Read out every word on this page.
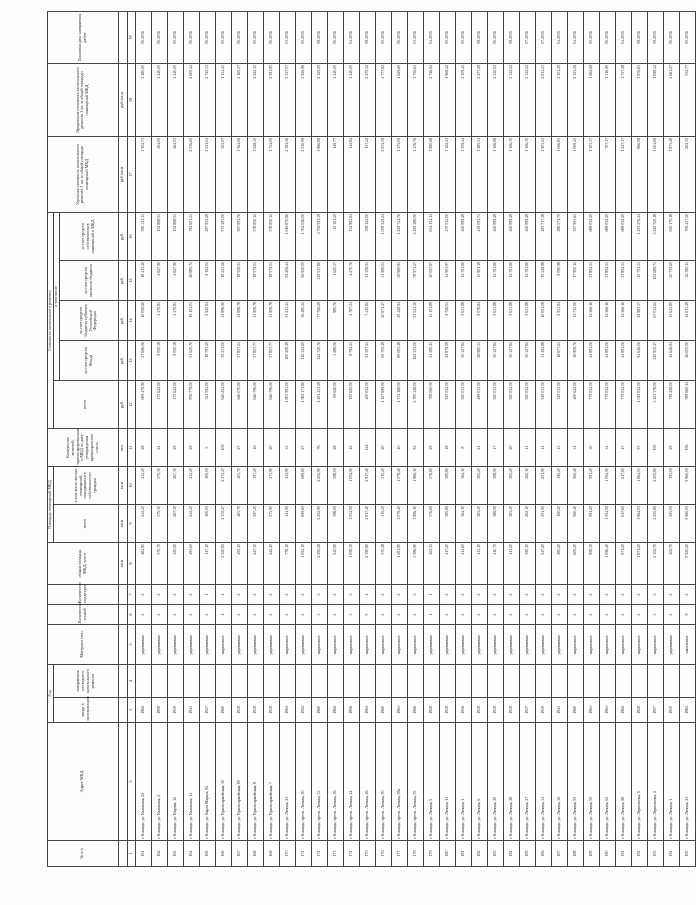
№ п/п	Адрес МКД	Год		Материал стен	Количество этажей	Количество подъездов	общая площадь МКД, всего	Площадь помещений МКД		Количество жителей, зарегистрированных в МКД на дату утверждения краткосрочного плана	Стоимость капитального ремонта					Удельная стоимость капитального ремонта 1 кв. м общей площади помещений МКД	Предельная стоимость капитального ремонта 1 кв. м общей площади помещений МКД	Плановая дата завершения работ
		ввода в эксплуатацию	завершения последнего капитального ремонта					всего	в том числе жилых помещений, находящихся в собственности граждан		всего	в том числе						
												за счет средств Фонда	за счет средств бюджета субъекта Российской Федерации	за счет средств местного бюджета	за счет средств собственников помещений в МКД			
							кв.м	кв.м	кв.м	чел.	руб.	руб.	руб.	руб.	руб.	руб./кв.м	руб./кв.м	
1	2	3	4	5	6	7	8	9	10	11	12	13	14	15	16	17	18	19
161	г. Клинцы, ул. Калинина, 22	1962		деревянные	2	2	484,90	432,20	432,20	28	659 479,90	27 696,06	10 058,60	18 415,40	583 311,13	1 502,73	2 280,00	06.2016
162	г. Клинцы, ул. Калинина, 2	1958		деревянные	2	2	370,70	375,30	375,30	24	175 622,00	9 050,38	3 375,83	4 827,90	152 868,53	454,00	1 440,00	06.2016
163	г. Клинцы, ул. Кирова, 12	1939		деревянные	2	2	325,50	267,30	267,30	25	175 622,00	9 050,38	3 375,83	4 827,90	152 868,53	464,53	1 440,00	05.2016
164	г. Клинцы, ул. Калинина, 14	1941		деревянные	2	2	493,60	432,20	432,20	29	876 779,00	51 625,70	19 154,03	26 885,72	784 601,21	2 036,60	2 600,44	06.2016
165	г. Клинцы, ул. Карла Маркса, 92	1917		деревянные	2	1	117,10	100,00	100,00	5	321 594,00	18 793,25	5 945,94	9 194,02	287 932,49	2 211,04	2 745,31	06.2016
166	г. Клинцы, ул. Красноармейская, 10	1960		кирпичные	4	4	2 520,85	2 172,47	2 172,47	109	626 294,00	35 231,00	11 896,90	18 223,26	573 493,00	302,07	1 134,43	05.2016
167	г. Клинцы, ул. Красноармейская, 85	1938		деревянные	2	2	455,10	403,70	403,70	27	646 070,00	37 857,21	11 898,78	18 558,53	587 893,76	1 564,06	2 165,37	06.2016
168	г. Клинцы, ул. Красноармейская, 8	1938		деревянные	2	2	447,30	397,20	397,20	16	646 796,00	37 857,77	11 908,78	18 579,53	578 850,12	1 628,30	2 622,13	05.2016
169	г. Клинцы, ул. Красноармейская, 7	1938		деревянные	2	2	442,40	373,90	373,90	20	646 796,00	37 857,77	11 908,78	18 579,53	578 850,12	1 734,00	2 591,85	06.2016
170	г. Клинцы, ул. Ленина, 23	1964		кирпичные	2	2	778,10	411,90	411,90	33	1 803 991,00	100 208,49	33 413,41	52 206,44	1 616 870,86	4 384,36	5 337,57	03.2016
171	г. Клинцы, просп. Ленина, 30	1954		деревянные	2	2	1 094,10	699,60	699,60	27	1 982 171,80	116 322,65	36 490,22	56 930,05	1 764 026,00	2 510,99	2 926,96	05.2015
172	г. Клинцы, просп. Ленина, 33	1960		кирпичные	3	3	2 255,28	2 252,90	2 252,90	76	4 204 431,29	244 745,76	77 766,29	119 517,80	3 759 911,39	1 866,88	2 145,00	08.2016
173	г. Клинцы, просп. Ленина, 36	1962		кирпичные	2	2	545,90	398,00	398,00	28	59 620,00	3 288,06	985,76	1 625,37	45 361,20	149,77	1 440,00	06.2016
174	г. Клинцы, просп. Ленина, 44	1956		кирпичные	3	3	1 058,30	1 054,50	1 054,50	42	150 625,00	8 794,23	2 787,24	4 270,76	134 982,64	142,84	1 440,00	04.2016
175	г. Клинцы, просп. Ленина, 46	1964		кирпичные	5	4	2 390,80	2 917,40	2 917,40	124	400 022,00	23 397,41	7 415,82	11 358,51	358 122,00	137,22	2 275,32	08.2016
176	г. Клинцы, просп. Ленина, 50	1960		кирпичные	2	2	370,28	315,20	315,20	20	1 127 699,00	65 705,49	20 871,47	31 980,03	1 009 345,24	2 674,39	4 777,82	05.2016
177	г. Клинцы, просп. Ленина, 58а	1961		кирпичные	2	2	1 281,90	1 079,40	1 079,40	40	1 374 168,00	80 083,48	25 428,94	38 960,83	1 229 744,76	1 273,09	1 629,60	06.2016
178	г. Клинцы, просп. Ленина, 55	1966		кирпичные	2	3	3 586,90	1 886,10	1 886,10	83	2 785 328,00	162 353,00	51 541,30	78 971,27	2 492 388,00	1 476,76	1 756,63	03.2016
179	г. Клинцы, ул. Ленина, 5	1928		деревянные	1	1	402,41	376,60	376,60	25	708 060,00	41 280,43	13 151,89	20 067,87	634 154,14	1 880,68	2 746,94	04.2015
180	г. Клинцы, ул. Ленина, 11	1938		деревянные	2	2	417,20	385,80	385,80	18	525 022,00	29 879,59	9 726,51	14 903,97	470 512,00	1 362,41	1 968,42	05.2016
181	г. Клинцы, ул. Ленина, 1	1936		деревянные	2	2	414,60	364,10	364,10	8	520 033,00	30 327,82	9 633,88	14 761,80	465 899,49	1 359,44	2 309,43	05.2016
182	г. Клинцы, ул. Ленина, 6	1938		деревянные	2	2	411,10	383,20	383,20	21	499 033,00	28 980,33	9 078,84	13 901,19	439 093,73	1 285,31	2 277,28	08.2016
183	г. Клинцы, ул. Ленина, 25	1938		деревянные	2	2	410,70	388,50	388,50	17	520 033,00	30 327,82	9 633,88	14 761,80	465 899,49	1 366,98	2 240,02	06.2016
184	г. Клинцы, ул. Ленина, 28	1938		деревянные	2	2	411,20	383,20	383,20	20	520 022,00	30 327,82	9 633,88	14 761,80	465 899,49	1 366,35	2 342,24	08.2015
185	г. Клинцы, ул. Ленина, 27	1937		деревянные	2	2	390,10	262,10	262,10	11	520 022,00	30 327,82	9 633,88	14 761,80	465 899,49	1 366,35	2 342,24	07.2016
186	г. Клинцы, ул. Ленина, 34	1939		деревянные	2	2	547,20	251,90	251,90	14	549 033,00	31 492,88	10 004,08	15 328,88	483 717,38	1 903,23	2 814,23	07.2015
187	г. Клинцы, ул. Ленина, 36	1941		деревянные	2	2	285,20	190,20	190,20	13	329 033,00	18 677,23	5 933,94	9 090,98	286 571,75	1 066,83	2 301,25	04.2015
188	г. Клинцы, ул. Ленина, 53	1960		кирпичные	2	2	609,20	560,40	560,40	31	400 622,00	36 908,76	11 713,50	17 950,12	357 993,63	1 069,43	2 123,26	04.2016
189	г. Клинцы, ул. Ленина, 55	1961		кирпичные	2	2	958,30	591,20	591,20	30	779 022,00	44 891,06	14 366,16	21 892,33	689 032,45	1 303,37	1 862,69	05.2016
190	г. Клинцы, ул. Ленина, 62	1961		кирпичные	2	2	1 096,40	1 094,50	1 094,50	34	779 022,00	44 891,06	14 366,16	21 892,33	689 032,45	707,17	1 316,90	06.2016
191	г. Клинцы, ул. Ленина, 88	1962		кирпичные	2	2	971,20	617,60	617,60	47	779 022,00	44 891,06	14 366,16	21 892,33	689 032,45	1 247,17	1 737,38	04.2015
192	г. Клинцы, ул. Лермонтова, 5	1928		кирпичные	2	2	1 871,20	1 864,53	1 864,53	57	1 029 022,00	94 646,06	29 983,37	45 791,33	1 453 276,44	866,58	1 876,83	08.2016
193	г. Клинцы, ул. Лермонтова, 4	1957		кирпичные	3	3	2 302,70	2 255,80	2 255,80	155	3 421 378,00	210 935,47	67 032,62	102 689,73	3 240 720,18	1 604,68	1 898,44	09.2015
194	г. Клинцы, ул. Ленина, 1	1930		деревянные	2	2	402,70	393,00	393,00	25	738 228,00	42 646,94	13 643,85	20 759,65	655 175,18	1 873,48	2 661,27	06.2016
195	г. Клинцы, ул. Ленина, 23	1984		панельные	9	2	5 925,20	5 960,00	5 960,00	156	789 660,14	46 000,00	14 613,49	22 390,11	706 437,30	202,35	532,77	05.2016
